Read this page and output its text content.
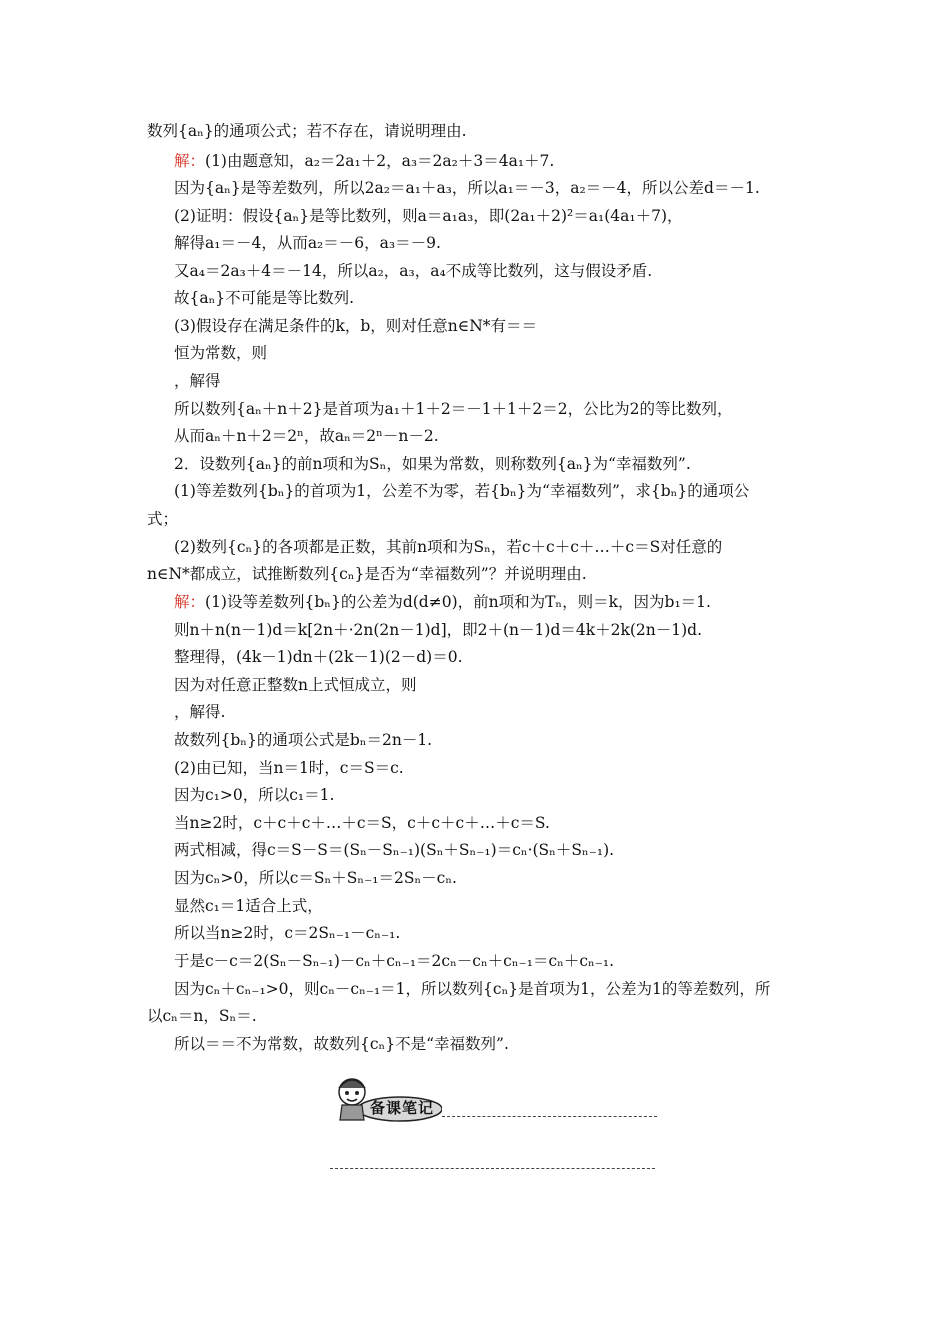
数列{aₙ}的通项公式；若不存在，请说明理由.
解：(1)由题意知，a₂＝2a₁＋2，a₃＝2a₂＋3＝4a₁＋7.
因为{aₙ}是等差数列，所以2a₂＝a₁＋a₃，所以a₁＝－3，a₂＝－4，所以公差d＝－1.
(2)证明：假设{aₙ}是等比数列，则a＝a₁a₃，即(2a₁＋2)²＝a₁(4a₁＋7)，
解得a₁＝－4，从而a₂＝－6，a₃＝－9.
又a₄＝2a₃＋4＝－14，所以a₂，a₃，a₄不成等比数列，这与假设矛盾.
故{aₙ}不可能是等比数列.
(3)假设存在满足条件的k，b，则对任意n∈N*有＝＝
恒为常数，则
，解得
所以数列{aₙ＋n＋2}是首项为a₁＋1＋2＝－1＋1＋2＝2，公比为2的等比数列，
从而aₙ＋n＋2＝2ⁿ，故aₙ＝2ⁿ－n－2.
2．设数列{aₙ}的前n项和为Sₙ，如果为常数，则称数列{aₙ}为“幸福数列”.
(1)等差数列{bₙ}的首项为1，公差不为零，若{bₙ}为“幸福数列”，求{bₙ}的通项公
式；
(2)数列{cₙ}的各项都是正数，其前n项和为Sₙ，若c＋c＋c＋…＋c＝S对任意的
n∈N*都成立，试推断数列{cₙ}是否为“幸福数列”？并说明理由.
解：(1)设等差数列{bₙ}的公差为d(d≠0)，前n项和为Tₙ，则＝k，因为b₁＝1.
则n＋n(n－1)d＝k[2n＋·2n(2n－1)d]，即2＋(n－1)d＝4k＋2k(2n－1)d.
整理得，(4k－1)dn＋(2k－1)(2－d)＝0.
因为对任意正整数n上式恒成立，则
，解得.
故数列{bₙ}的通项公式是bₙ＝2n－1.
(2)由已知，当n＝1时，c＝S＝c.
因为c₁>0，所以c₁＝1.
当n≥2时，c＋c＋c＋…＋c＝S，c＋c＋c＋…＋c＝S.
两式相减，得c＝S－S＝(Sₙ－Sₙ₋₁)(Sₙ＋Sₙ₋₁)＝cₙ·(Sₙ＋Sₙ₋₁).
因为cₙ>0，所以c＝Sₙ＋Sₙ₋₁＝2Sₙ－cₙ.
显然c₁＝1适合上式，
所以当n≥2时，c＝2Sₙ₋₁－cₙ₋₁.
于是c－c＝2(Sₙ－Sₙ₋₁)－cₙ＋cₙ₋₁＝2cₙ－cₙ＋cₙ₋₁＝cₙ＋cₙ₋₁.
因为cₙ＋cₙ₋₁>0，则cₙ－cₙ₋₁＝1，所以数列{cₙ}是首项为1，公差为1的等差数列，所
以cₙ＝n，Sₙ＝.
所以＝＝不为常数，故数列{cₙ}不是“幸福数列”.
备课笔记
